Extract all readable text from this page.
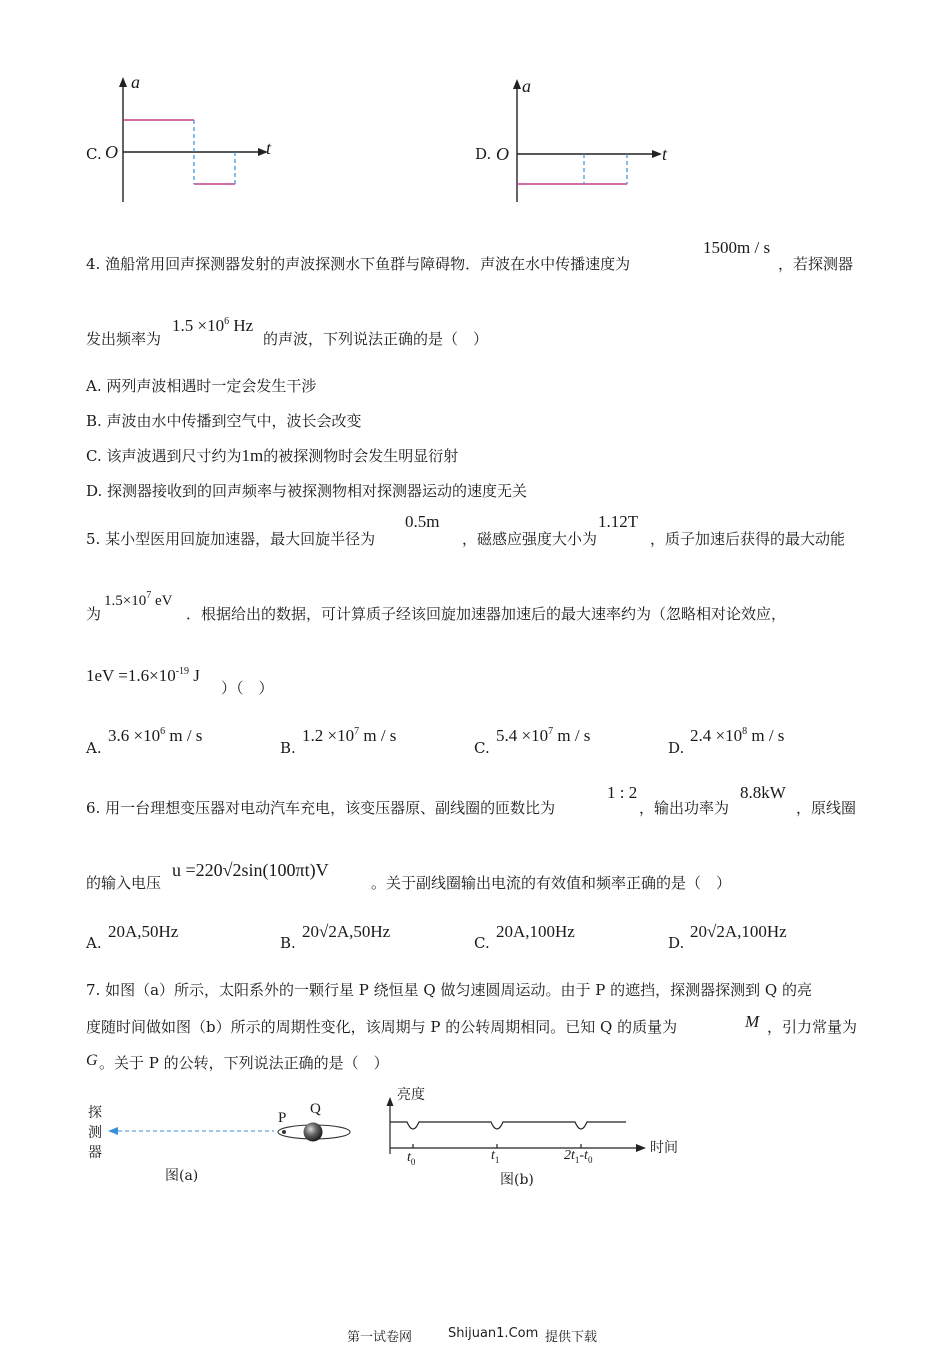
C.
a
O	t	D.
a
O	t
4. 渔船常用回声探测器发射的声波探测水下鱼群与障碍物．声波在水中传播速度为
1500m / s
，若探测器
发出频率为
$1.5 \times 10^6$ Hz
的声波，下列说法正确的是（　）
A. 两列声波相遇时一定会发生干涉
B. 声波由水中传播到空气中，波长会改变
C. 该声波遇到尺寸约为1m的被探测物时会发生明显衍射
D. 探测器接收到的回声频率与被探测物相对探测器运动的速度无关
5. 某小型医用回旋加速器，最大回旋半径为
0.5m
，磁感应强度大小为
1.12T
，质子加速后获得的最大动能
为
$1.5\times 10^7$ eV
．根据给出的数据，可计算质子经该回旋加速器加速后的最大速率约为（忽略相对论效应，
$1eV =1.6\times 10^{-19}$ J
）（　）
A.
$3.6 \times 10^6$ m / s
B.
$1.2 \times 10^7$ m / s
C.
$5.4 \times 10^7$ m / s
D.
$2.4 \times 10^8$ m / s
6. 用一台理想变压器对电动汽车充电，该变压器原、副线圈的匝数比为
1 : 2
，输出功率为
8.8kW
，原线圈
的输入电压
u =220√2sin(100πt)V
。关于副线圈输出电流的有效值和频率正确的是（　）
A.
20A,50Hz
B.
20√2A,50Hz
C.
20A,100Hz
D.
20√2A,100Hz
7. 如图（a）所示，太阳系外的一颗行星 P 绕恒星 Q 做匀速圆周运动。由于 P 的遮挡，探测器探测到 Q 的亮
度随时间做如图（b）所示的周期性变化，该周期与 P 的公转周期相同。已知 Q 的质量为	M ，引力常量为
G 。关于 P 的公转，下列说法正确的是（　）
探
测
器
P
Q
图(a)
亮度
时间
$t_0$	$t_1$	$2t_1-t_0$
图(b)
第一试卷网	Shijuan1.Com 提供下载
